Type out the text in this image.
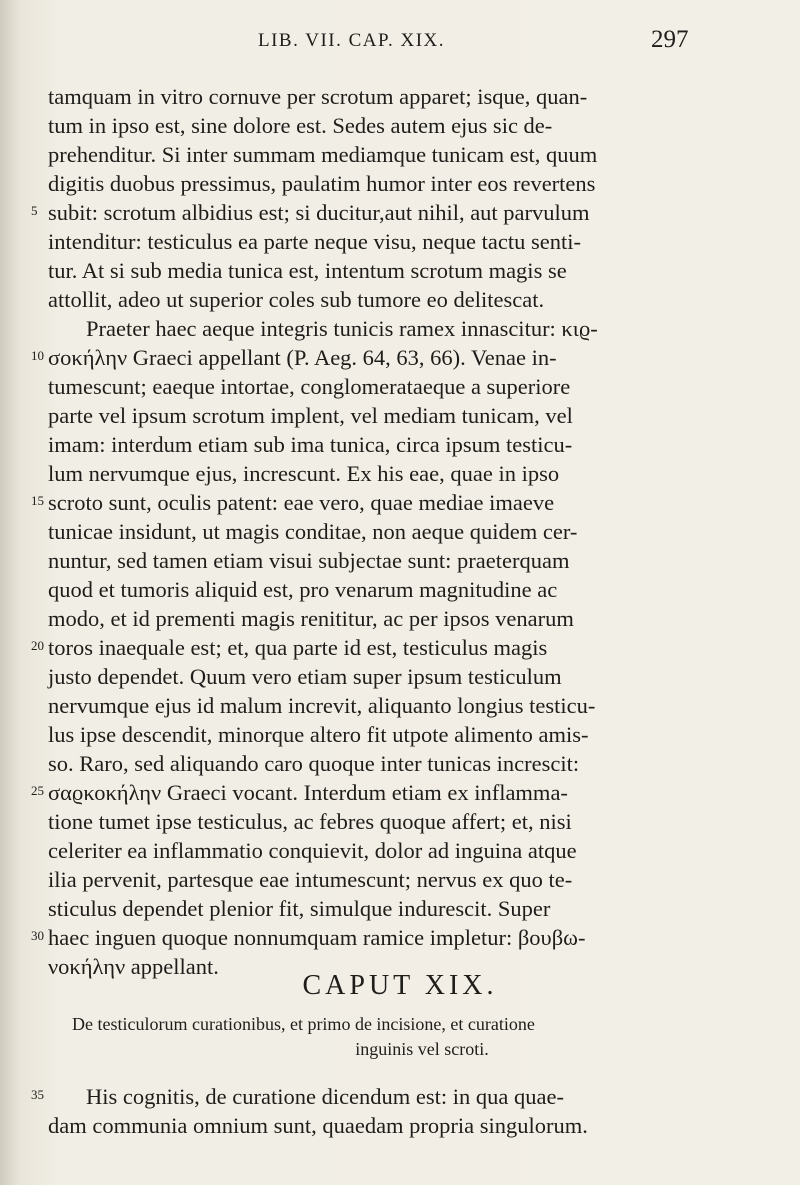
LIB. VII. CAP. XIX.	297
tamquam in vitro cornuve per scrotum apparet; isque, quan-
tum in ipso est, sine dolore est. Sedes autem ejus sic de-
prehenditur. Si inter summam mediamque tunicam est, quum
digitis duobus pressimus, paulatim humor inter eos revertens
5 subit: scrotum albidius est; si ducitur,aut nihil, aut parvulum
intenditur: testiculus ea parte neque visu, neque tactu senti-
tur. At si sub media tunica est, intentum scrotum magis se
attollit, adeo ut superior coles sub tumore eo delitescat.
Praeter haec aeque integris tunicis ramex innascitur: κιϱ-
10 σοκήλην Graeci appellant (P. Aeg. 64, 63, 66). Venae in-
tumescunt; eaeque intortae, conglomerataeque a superiore
parte vel ipsum scrotum implent, vel mediam tunicam, vel
imam: interdum etiam sub ima tunica, circa ipsum testicu-
lum nervumque ejus, increscunt. Ex his eae, quae in ipso
15 scroto sunt, oculis patent: eae vero, quae mediae imaeve
tunicae insidunt, ut magis conditae, non aeque quidem cer-
nuntur, sed tamen etiam visui subjectae sunt: praeterquam
quod et tumoris aliquid est, pro venarum magnitudine ac
modo, et id prementi magis renititur, ac per ipsos venarum
20 toros inaequale est; et, qua parte id est, testiculus magis
justo dependet. Quum vero etiam super ipsum testiculum
nervumque ejus id malum increvit, aliquanto longius testicu-
lus ipse descendit, minorque altero fit utpote alimento amis-
so. Raro, sed aliquando caro quoque inter tunicas increscit:
25 σαϱκοκήλην Graeci vocant. Interdum etiam ex inflamma-
tione tumet ipse testiculus, ac febres quoque affert; et, nisi
celeriter ea inflammatio conquievit, dolor ad inguina atque
ilia pervenit, partesque eae intumescunt; nervus ex quo te-
sticulus dependet plenior fit, simulque indurescit. Super
30 haec inguen quoque nonnumquam ramice impletur: βουβω-
νοκήλην appellant.
CAPUT XIX.
De testiculorum curationibus, et primo de incisione, et curatione
inguinis vel scroti.
35 His cognitis, de curatione dicendum est: in qua quae-
dam communia omnium sunt, quaedam propria singulorum.
